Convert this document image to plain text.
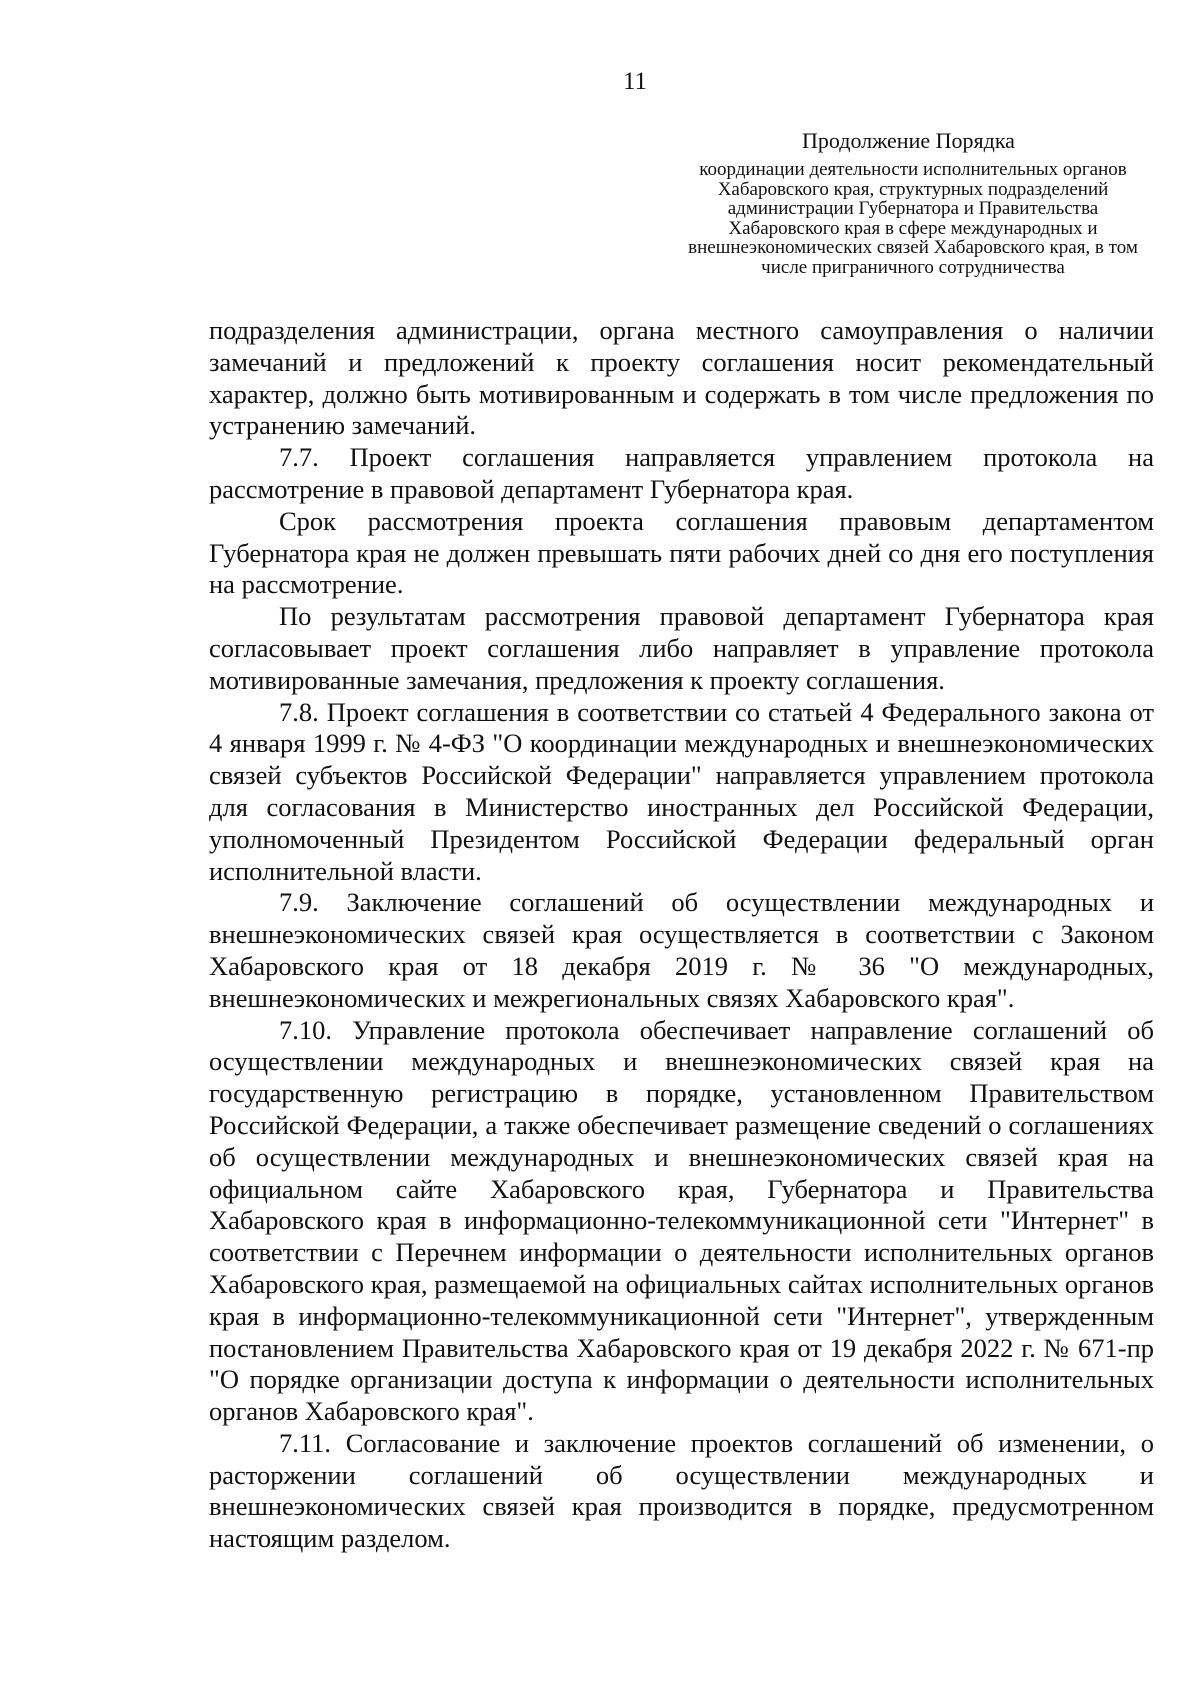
11
Продолжение Порядка
координации деятельности исполнительных органов Хабаровского края, структурных подразделений администрации Губернатора и Правительства Хабаровского края в сфере международных и внешнеэкономических связей Хабаровского края, в том числе приграничного сотрудничества

подразделения администрации, органа местного самоуправления о наличии замечаний и предложений к проекту соглашения носит рекомендательный характер, должно быть мотивированным и содержать в том числе предложения по устранению замечаний.

7.7. Проект соглашения направляется управлением протокола на рассмотрение в правовой департамент Губернатора края.

Срок рассмотрения проекта соглашения правовым департаментом Губернатора края не должен превышать пяти рабочих дней со дня его поступления на рассмотрение.

По результатам рассмотрения правовой департамент Губернатора края согласовывает проект соглашения либо направляет в управление протокола мотивированные замечания, предложения к проекту соглашения.

7.8. Проект соглашения в соответствии со статьей 4 Федерального закона от 4 января 1999 г. № 4-ФЗ "О координации международных и внешнеэкономических связей субъектов Российской Федерации" направляется управлением протокола для согласования в Министерство иностранных дел Российской Федерации, уполномоченный Президентом Российской Федерации федеральный орган исполнительной власти.

7.9. Заключение соглашений об осуществлении международных и внешнеэкономических связей края осуществляется в соответствии с Законом Хабаровского края от 18 декабря 2019 г. № 36 "О международных, внешнеэкономических и межрегиональных связях Хабаровского края".

7.10. Управление протокола обеспечивает направление соглашений об осуществлении международных и внешнеэкономических связей края на государственную регистрацию в порядке, установленном Правительством Российской Федерации, а также обеспечивает размещение сведений о соглашениях об осуществлении международных и внешнеэкономических связей края на официальном сайте Хабаровского края, Губернатора и Правительства Хабаровского края в информационно-телекоммуникационной сети "Интернет" в соответствии с Перечнем информации о деятельности исполнительных органов Хабаровского края, размещаемой на официальных сайтах исполнительных органов края в информационно-телекоммуникационной сети "Интернет", утвержденным постановлением Правительства Хабаровского края от 19 декабря 2022 г. № 671-пр "О порядке организации доступа к информации о деятельности исполнительных органов Хабаровского края".

7.11. Согласование и заключение проектов соглашений об изменении, о расторжении соглашений об осуществлении международных и внешнеэкономических связей края производится в порядке, предусмотренном настоящим разделом.
